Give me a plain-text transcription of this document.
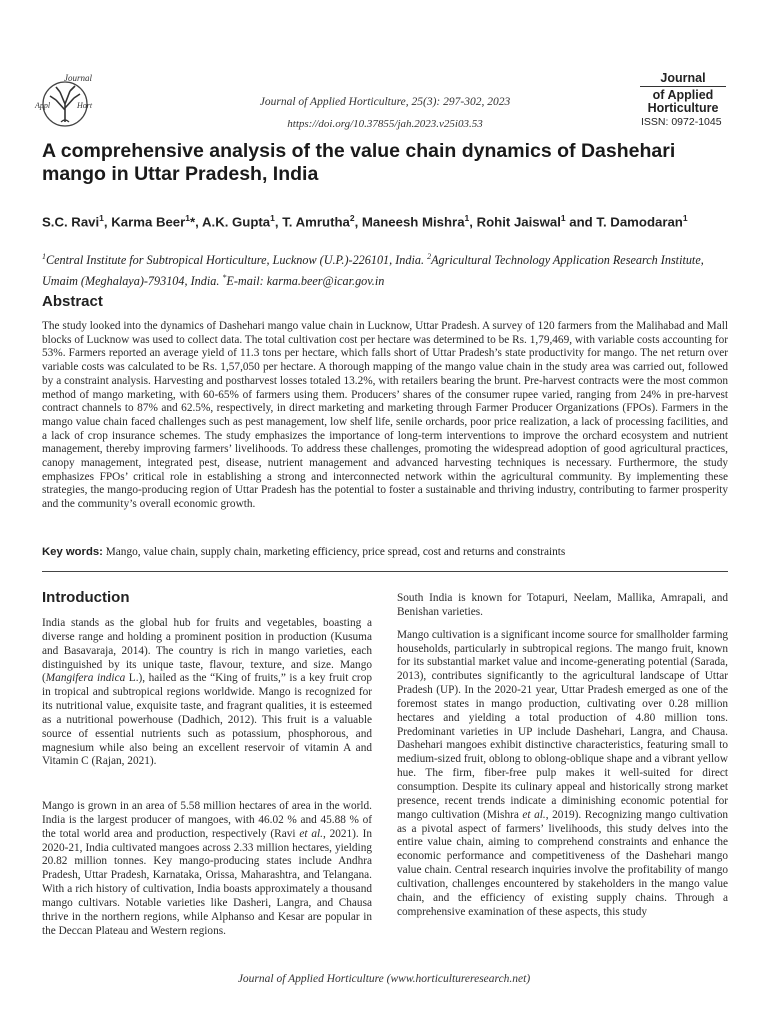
Journal
Appl	Hort	Journal of Applied Horticulture, 25(3): 297-302, 2023
https://doi.org/10.37855/jah.2023.v25i03.53
Journal
of Applied
Horticulture
ISSN: 0972-1045
A comprehensive analysis of the value chain dynamics of Dashehari mango in Uttar Pradesh, India

S.C. Ravi$^1$, Karma Beer$^1$*, A.K. Gupta$^1$, T. Amrutha$^2$, Maneesh Mishra$^1$, Rohit Jaiswal$^1$ and T. Damodaran$^1$

$^1$Central Institute for Subtropical Horticulture, Lucknow (U.P.)-226101, India. $^2$Agricultural Technology Application Research Institute, Umaim (Meghalaya)-793104, India. *E-mail: karma.beer@icar.gov.in
Abstract

The study looked into the dynamics of Dashehari mango value chain in Lucknow, Uttar Pradesh. A survey of 120 farmers from the Malihabad and Mall blocks of Lucknow was used to collect data. The total cultivation cost per hectare was determined to be Rs. 1,79,469, with variable costs accounting for 53%. Farmers reported an average yield of 11.3 tons per hectare, which falls short of Uttar Pradesh’s state productivity for mango. The net return over variable costs was calculated to be Rs. 1,57,050 per hectare. A thorough mapping of the mango value chain in the study area was carried out, followed by a constraint analysis. Harvesting and postharvest losses totaled 13.2%, with retailers bearing the brunt. Pre-harvest contracts were the most common method of mango marketing, with 60-65% of farmers using them. Producers’ shares of the consumer rupee varied, ranging from 24% in pre-harvest contract channels to 87% and 62.5%, respectively, in direct marketing and marketing through Farmer Producer Organizations (FPOs). Farmers in the mango value chain faced challenges such as pest management, low shelf life, senile orchards, poor price realization, a lack of processing facilities, and a lack of crop insurance schemes. The study emphasizes the importance of long-term interventions to improve the orchard ecosystem and nutrient management, thereby improving farmers’ livelihoods. To address these challenges, promoting the widespread adoption of good agricultural practices, canopy management, integrated pest, disease, nutrient management and advanced harvesting techniques is necessary. Furthermore, the study emphasizes FPOs’ critical role in establishing a strong and interconnected network within the agricultural community. By implementing these strategies, the mango-producing region of Uttar Pradesh has the potential to foster a sustainable and thriving industry, contributing to farmer prosperity and the community’s overall economic growth.

Key words: Mango, value chain, supply chain, marketing efficiency, price spread, cost and returns and constraints

Introduction

India stands as the global hub for fruits and vegetables, boasting a diverse range and holding a prominent position in production (Kusuma and Basavaraja, 2014). The country is rich in mango varieties, each distinguished by its unique taste, flavour, texture, and size. Mango (Mangifera indica L.), hailed as the “King of fruits,” is a key fruit crop in tropical and subtropical regions worldwide. Mango is recognized for its nutritional value, exquisite taste, and fragrant qualities, it is esteemed as a nutritional powerhouse (Dadhich, 2012). This fruit is a valuable source of essential nutrients such as potassium, phosphorous, and magnesium while also being an excellent reservoir of vitamin A and Vitamin C (Rajan, 2021).

Mango is grown in an area of 5.58 million hectares of area in the world. India is the largest producer of mangoes, with 46.02 % and 45.88 % of the total world area and production, respectively (Ravi et al., 2021). In 2020-21, India cultivated mangoes across 2.33 million hectares, yielding 20.82 million tonnes. Key mango-producing states include Andhra Pradesh, Uttar Pradesh, Karnataka, Orissa, Maharashtra, and Telangana. With a rich history of cultivation, India boasts approximately a thousand mango cultivars. Notable varieties like Dasheri, Langra, and Chausa thrive in the northern regions, while Alphanso and Kesar are popular in the Deccan Plateau and Western regions.

South India is known for Totapuri, Neelam, Mallika, Amrapali, and Benishan varieties.

Mango cultivation is a significant income source for smallholder farming households, particularly in subtropical regions. The mango fruit, known for its substantial market value and income-generating potential (Sarada, 2013), contributes significantly to the agricultural landscape of Uttar Pradesh (UP). In the 2020-21 year, Uttar Pradesh emerged as one of the foremost states in mango production, cultivating over 0.28 million hectares and yielding a total production of 4.80 million tons. Predominant varieties in UP include Dashehari, Langra, and Chausa. Dashehari mangoes exhibit distinctive characteristics, featuring small to medium-sized fruit, oblong to oblong-oblique shape and a vibrant yellow hue. The firm, fiber-free pulp makes it well-suited for direct consumption. Despite its culinary appeal and historically strong market presence, recent trends indicate a diminishing economic potential for mango cultivation (Mishra et al., 2019). Recognizing mango cultivation as a pivotal aspect of farmers’ livelihoods, this study delves into the entire value chain, aiming to comprehend constraints and enhance the economic performance and competitiveness of the Dashehari mango value chain. Central research inquiries involve the profitability of mango cultivation, challenges encountered by stakeholders in the mango value chain, and the efficiency of existing supply chains. Through a comprehensive examination of these aspects, this study

Journal of Applied Horticulture (www.horticultureresearch.net)
